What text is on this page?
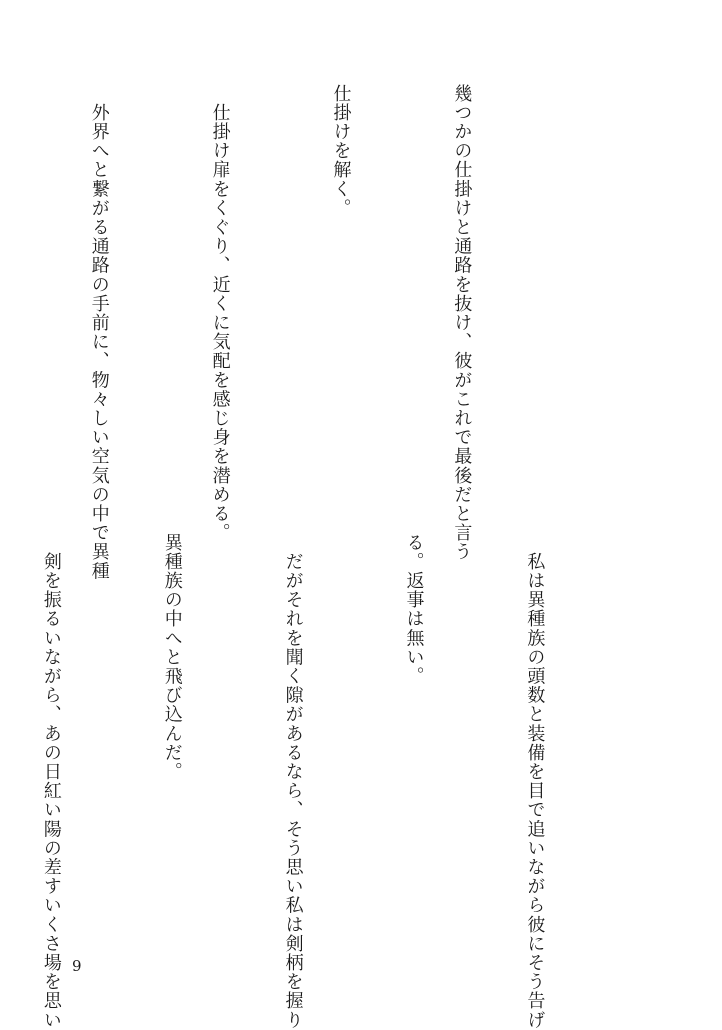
幾つかの仕掛けと通路を抜け、彼がこれで最後だと言う

仕掛けを解く。

　仕掛け扉をくぐり、近くに気配を感じ身を潜める。

　外界へと繋がる通路の手前に、物々しい空気の中で異種

　私は異種族の頭数と装備を目で追いながら彼にそう告げ

る。返事は無い。

　だがそれを聞く隙があるなら、そう思い私は剣柄を握り

異種族の中へと飛び込んだ。

　剣を振るいながら、あの日紅い陽の差すいくさ場を思い

9
